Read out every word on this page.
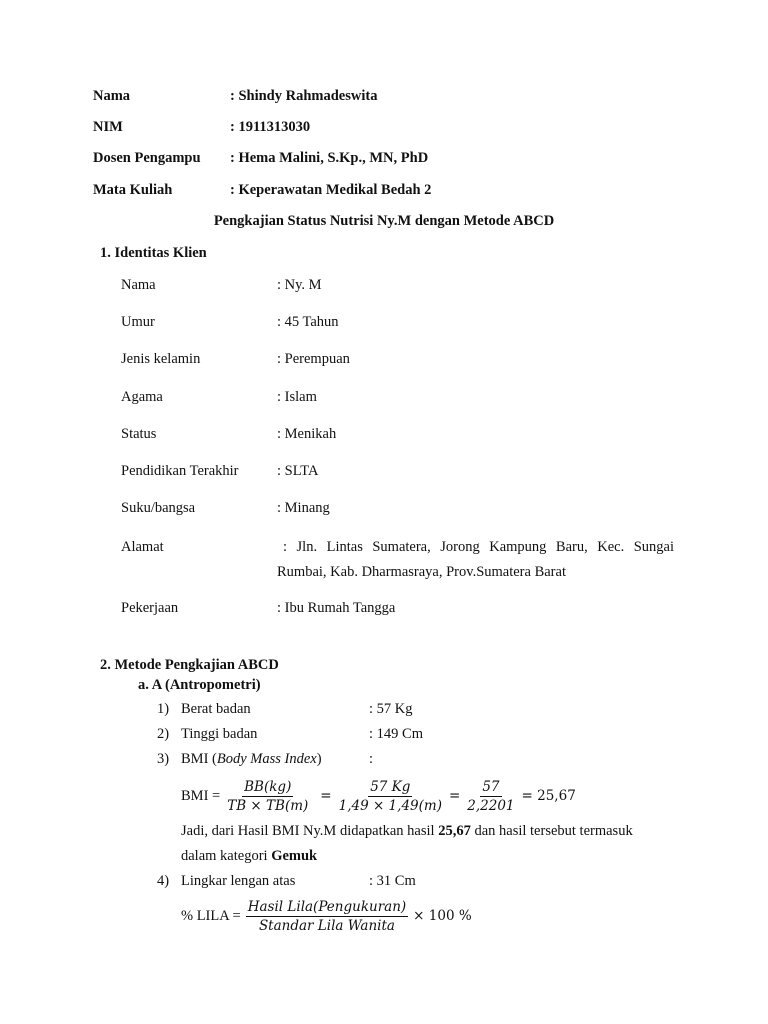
Nama	: Shindy Rahmadeswita
NIM	: 1911313030
Dosen Pengampu : Hema Malini, S.Kp., MN, PhD
Mata Kuliah	: Keperawatan Medikal Bedah 2
Pengkajian Status Nutrisi Ny.M dengan Metode ABCD
1. Identitas Klien
Nama	: Ny. M
Umur	: 45 Tahun
Jenis kelamin	: Perempuan
Agama	: Islam
Status	: Menikah
Pendidikan Terakhir	: SLTA
Suku/bangsa	: Minang
Alamat	: Jln. Lintas Sumatera, Jorong Kampung Baru, Kec. Sungai
Rumbai, Kab. Dharmasraya, Prov.Sumatera Barat
Pekerjaan	: Ibu Rumah Tangga
2. Metode Pengkajian ABCD
a. A (Antropometri)
1) Berat badan	: 57 Kg
2) Tinggi badan	: 149 Cm
3) BMI (Body Mass Index)	:
BMI = $\frac{BB(kg)}{TB \times TB(m)} = \frac{57 Kg}{1,49 \times 1,49(m)} = \frac{57}{2,2201} = 25,67$
Jadi, dari Hasil BMI Ny.M didapatkan hasil 25,67 dan hasil tersebut termasuk
dalam kategori Gemuk
4) Lingkar lengan atas	: 31 Cm
% LILA = $\frac{\text{Hasil Lila(Pengukuran)}}{\text{Standar Lila Wanita}} \times 100$ %
